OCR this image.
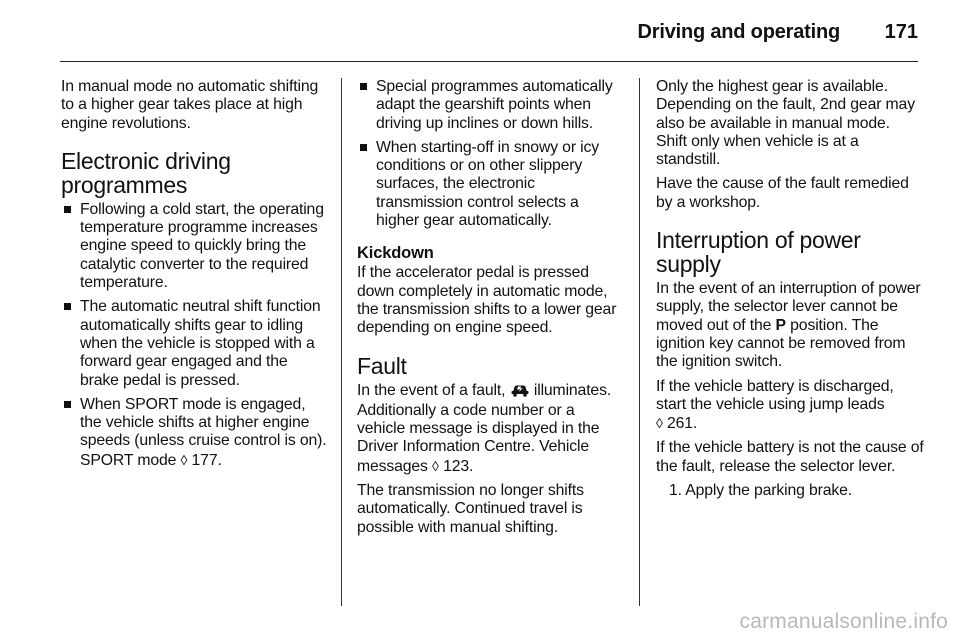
Driving and operating 171

In manual mode no automatic shifting to a higher gear takes place at high engine revolutions.

Electronic driving programmes
Following a cold start, the operating temperature programme increases engine speed to quickly bring the catalytic converter to the required temperature.
The automatic neutral shift function automatically shifts gear to idling when the vehicle is stopped with a forward gear engaged and the brake pedal is pressed.
When SPORT mode is engaged, the vehicle shifts at higher engine speeds (unless cruise control is on). SPORT mode ◊ 177.
Special programmes automatically adapt the gearshift points when driving up inclines or down hills.
When starting-off in snowy or icy conditions or on other slippery surfaces, the electronic transmission control selects a higher gear automatically.
Kickdown

If the accelerator pedal is pressed down completely in automatic mode, the transmission shifts to a lower gear depending on engine speed.

Fault

In the event of a fault, illuminates. Additionally a code number or a vehicle message is displayed in the Driver Information Centre. Vehicle messages ◊ 123.

The transmission no longer shifts automatically. Continued travel is possible with manual shifting.

Only the highest gear is available. Depending on the fault, 2nd gear may also be available in manual mode. Shift only when vehicle is at a standstill.

Have the cause of the fault remedied by a workshop.

Interruption of power supply

In the event of an interruption of power supply, the selector lever cannot be moved out of the P position. The ignition key cannot be removed from the ignition switch.

If the vehicle battery is discharged, start the vehicle using jump leads
◊ 261.

If the vehicle battery is not the cause of the fault, release the selector lever.

1. Apply the parking brake.
carmanualsonline.info
